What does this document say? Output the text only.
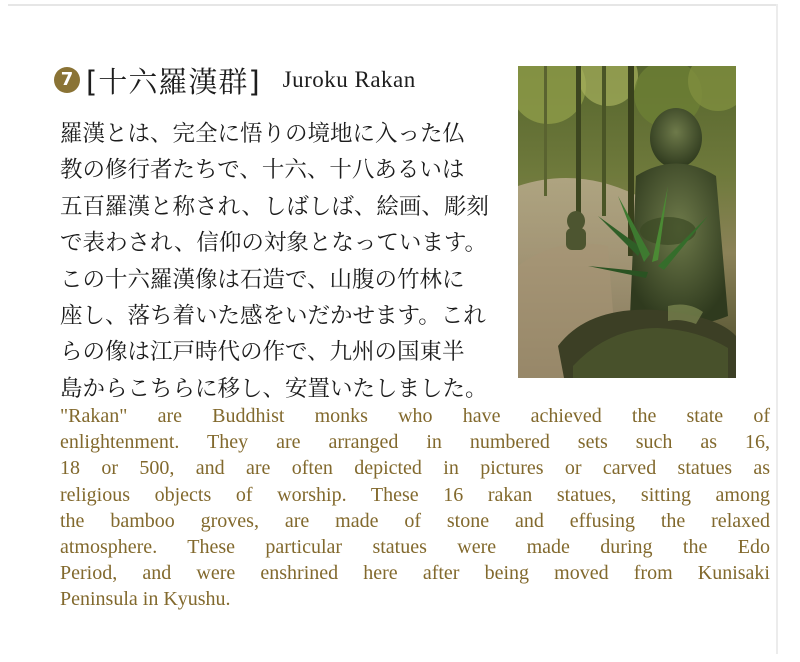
7 [十六羅漢群] Juroku Rakan
羅漢とは、完全に悟りの境地に入った仏
教の修行者たちで、十六、十八あるいは
五百羅漢と称され、しばしば、絵画、彫刻
で表わされ、信仰の対象となっています。
この十六羅漢像は石造で、山腹の竹林に
座し、落ち着いた感をいだかせます。これ
らの像は江戸時代の作で、九州の国東半
島からこちらに移し、安置いたしました。
"Rakan" are Buddhist monks who have achieved the state of
enlightenment. They are arranged in numbered sets such as 16,
18 or 500, and are often depicted in pictures or carved statues as
religious objects of worship. These 16 rakan statues, sitting among
the bamboo groves, are made of stone and effusing the relaxed
atmosphere. These particular statues were made during the Edo
Period, and were enshrined here after being moved from Kunisaki
Peninsula in Kyushu.
